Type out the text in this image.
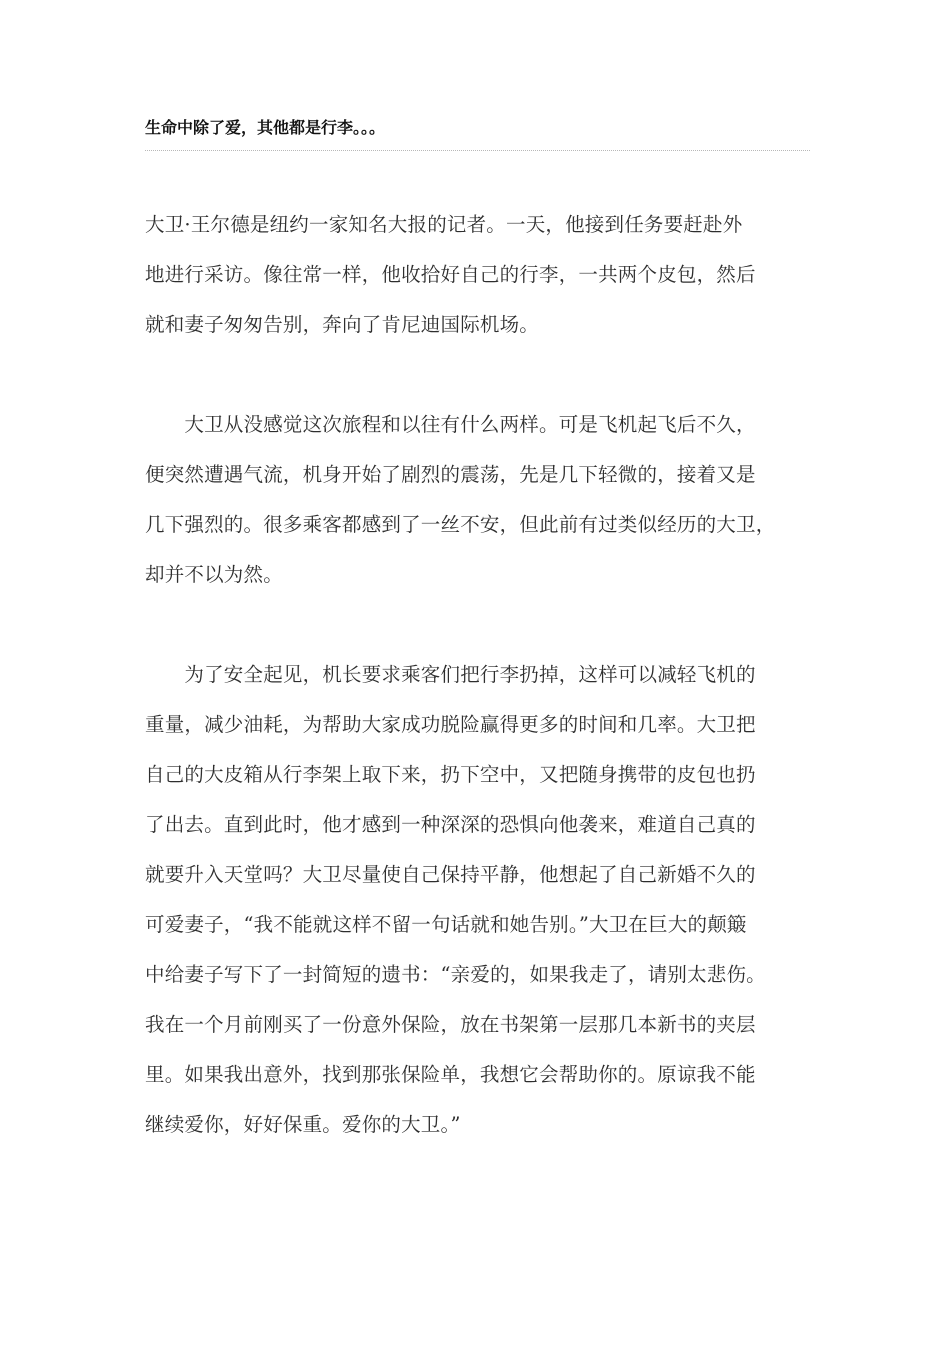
生命中除了爱，其他都是行李。。。
大卫·王尔德是纽约一家知名大报的记者。一天，他接到任务要赶赴外
地进行采访。像往常一样，他收拾好自己的行李，一共两个皮包，然后
就和妻子匆匆告别，奔向了肯尼迪国际机场。
　　大卫从没感觉这次旅程和以往有什么两样。可是飞机起飞后不久，
便突然遭遇气流，机身开始了剧烈的震荡，先是几下轻微的，接着又是
几下强烈的。很多乘客都感到了一丝不安，但此前有过类似经历的大卫，
却并不以为然。
　　为了安全起见，机长要求乘客们把行李扔掉，这样可以减轻飞机的
重量，减少油耗，为帮助大家成功脱险赢得更多的时间和几率。大卫把
自己的大皮箱从行李架上取下来，扔下空中，又把随身携带的皮包也扔
了出去。直到此时，他才感到一种深深的恐惧向他袭来，难道自己真的
就要升入天堂吗？大卫尽量使自己保持平静，他想起了自己新婚不久的
可爱妻子，“我不能就这样不留一句话就和她告别。”大卫在巨大的颠簸
中给妻子写下了一封简短的遗书：“亲爱的，如果我走了，请别太悲伤。
我在一个月前刚买了一份意外保险，放在书架第一层那几本新书的夹层
里。如果我出意外，找到那张保险单，我想它会帮助你的。原谅我不能
继续爱你，好好保重。爱你的大卫。”
